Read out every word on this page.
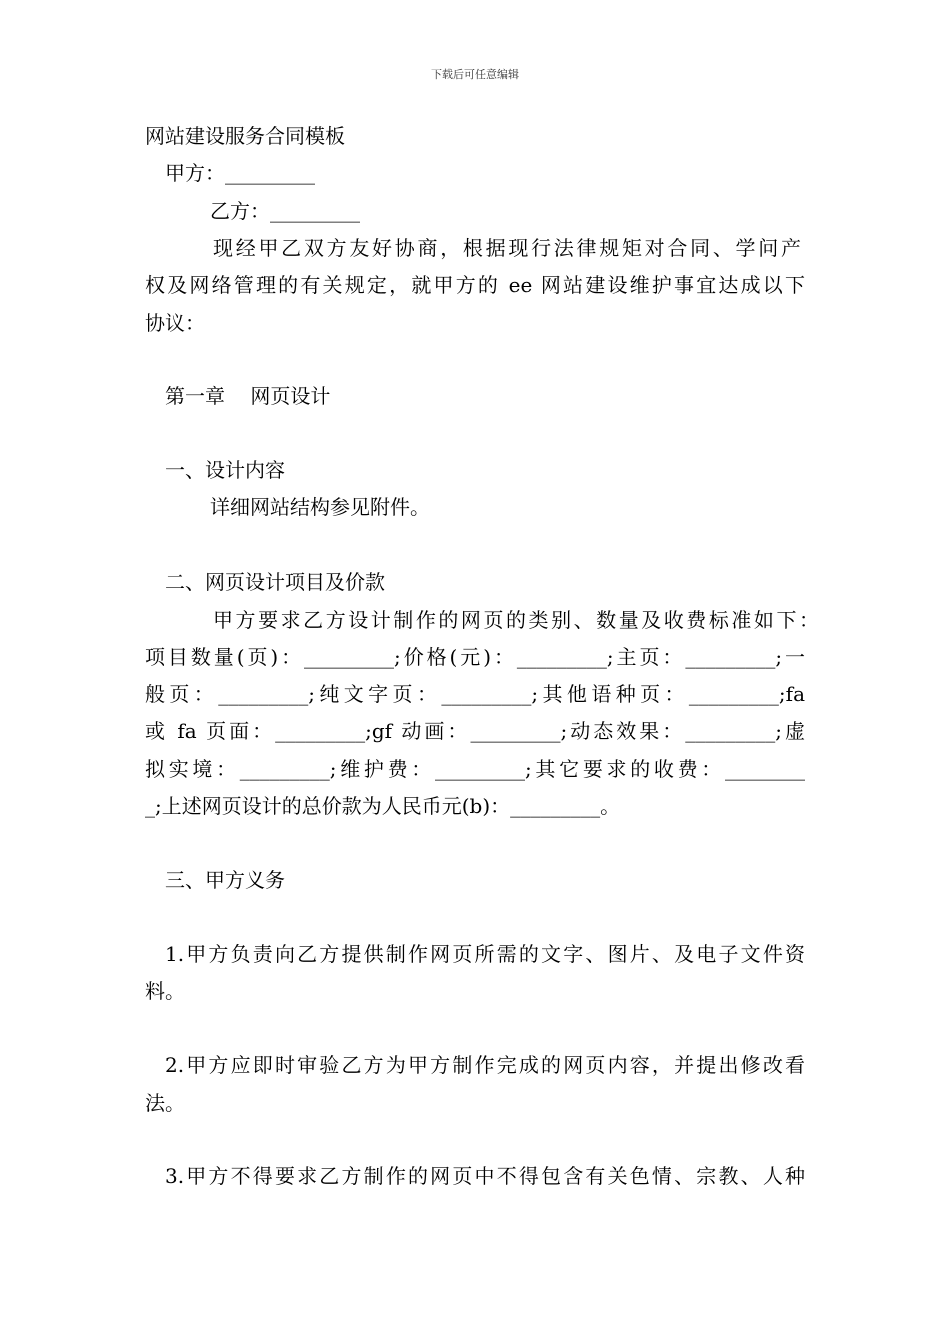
下载后可任意编辑
网站建设服务合同模板
甲方：_________
乙方：_________
现经甲乙双方友好协商，根据现行法律规矩对合同、学问产
权及网络管理的有关规定，就甲方的 ee 网站建设维护事宜达成以下
协议：
第一章    网页设计
一、设计内容
详细网站结构参见附件。
二、网页设计项目及价款
甲方要求乙方设计制作的网页的类别、数量及收费标准如下：
项目数量(页)：_________;价格(元)：_________;主页：_________;一
般页：_________;纯文字页：_________;其他语种页：_________;fa
或 fa 页面：_________;gf 动画：_________;动态效果：_________;虚
拟实境：_________;维护费：_________;其它要求的收费：________
_;上述网页设计的总价款为人民币元(b)：_________。
三、甲方义务
1.甲方负责向乙方提供制作网页所需的文字、图片、及电子文件资
料。
2.甲方应即时审验乙方为甲方制作完成的网页内容，并提出修改看
法。
3.甲方不得要求乙方制作的网页中不得包含有关色情、宗教、人种
